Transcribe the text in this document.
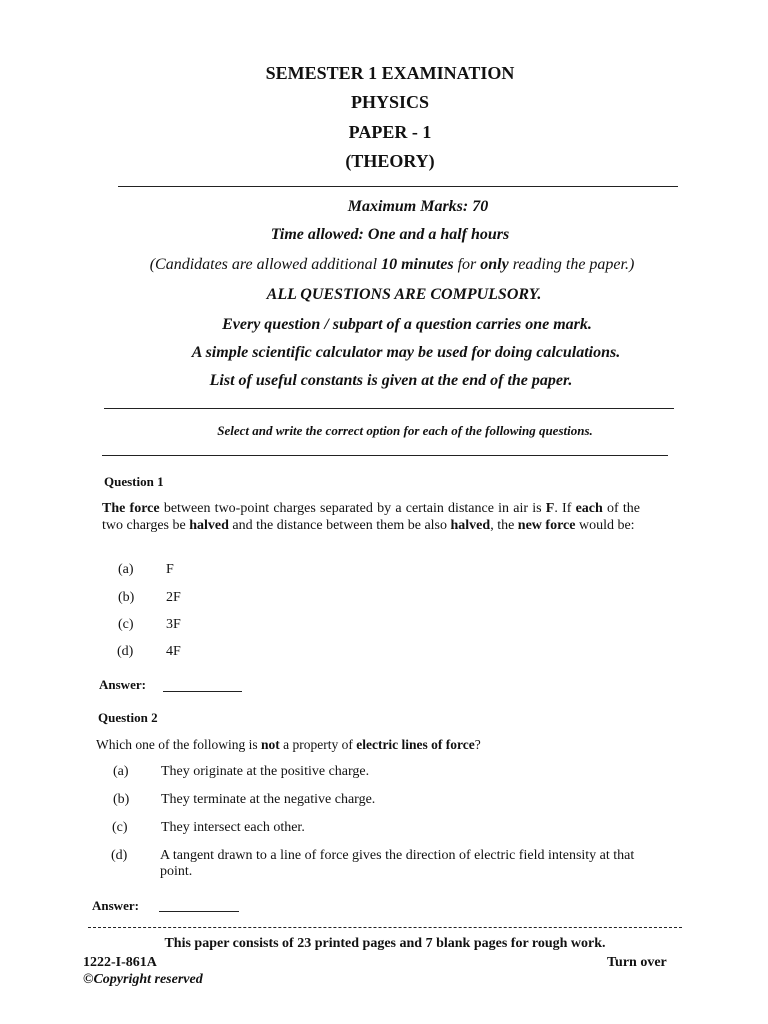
SEMESTER 1 EXAMINATION
PHYSICS
PAPER - 1
(THEORY)
Maximum Marks: 70
Time allowed: One and a half hours
(Candidates are allowed additional 10 minutes for only reading the paper.)
ALL QUESTIONS ARE COMPULSORY.
Every question / subpart of a question carries one mark.
A simple scientific calculator may be used for doing calculations.
List of useful constants is given at the end of the paper.
Select and write the correct option for each of the following questions.
Question 1
The force between two-point charges separated by a certain distance in air is F. If each of the two charges be halved and the distance between them be also halved, the new force would be:
(a) F
(b) 2F
(c) 3F
(d) 4F
Answer:
Question 2
Which one of the following is not a property of electric lines of force?
(a) They originate at the positive charge.
(b) They terminate at the negative charge.
(c) They intersect each other.
(d) A tangent drawn to a line of force gives the direction of electric field intensity at that point.
Answer:
This paper consists of 23 printed pages and 7 blank pages for rough work.
1222-I-861A	Turn over
©Copyright reserved
